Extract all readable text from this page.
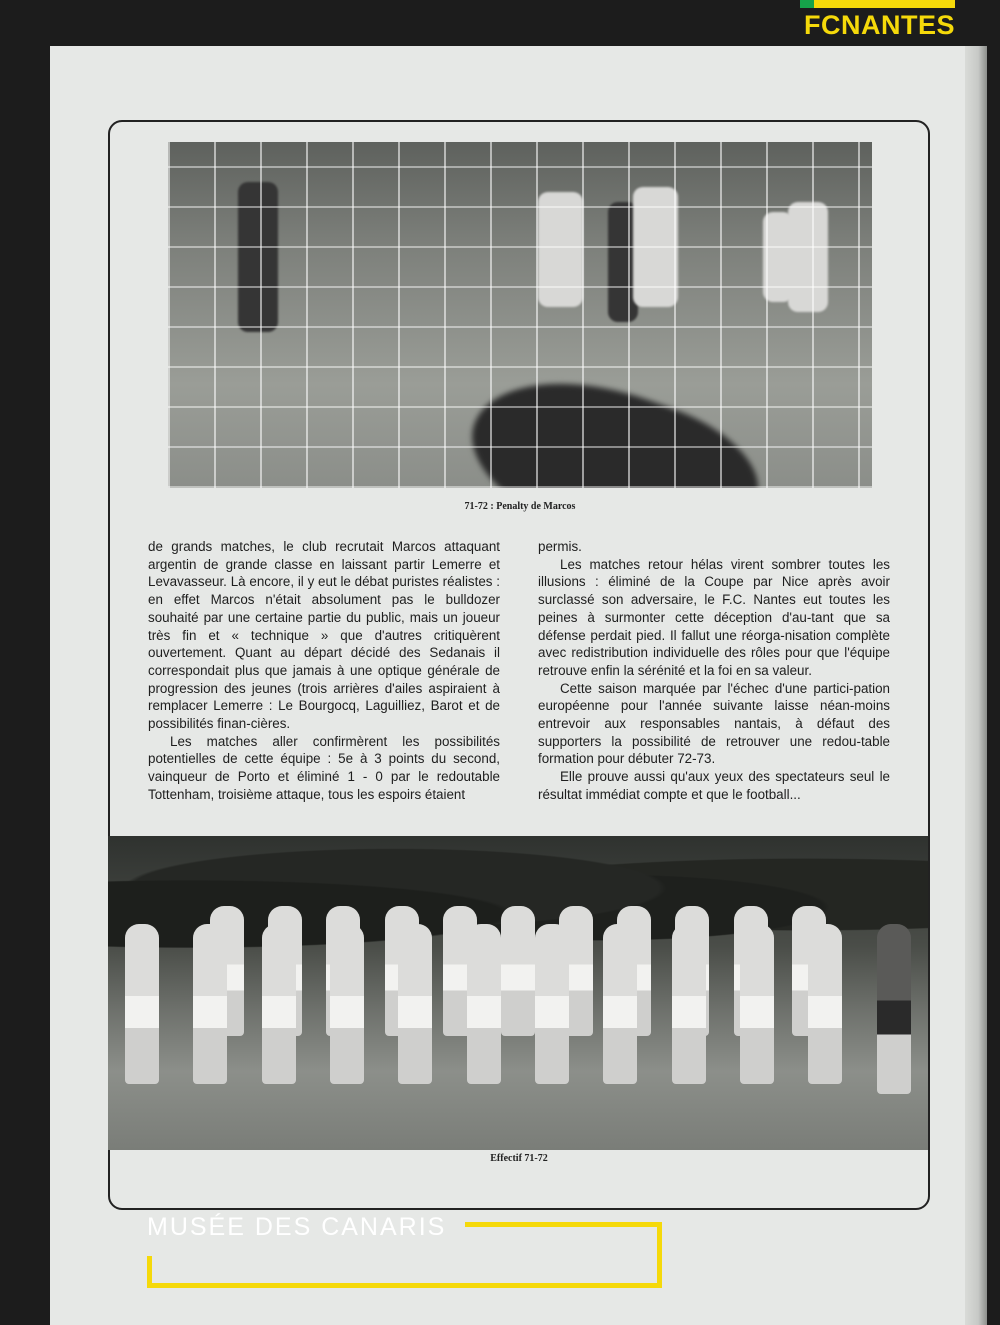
FCNANTES
71-72 : Penalty de Marcos

de grands matches, le club recrutait Marcos attaquant argentin de grande classe en laissant partir Lemerre et Levavasseur. Là encore, il y eut le débat puristes réalistes : en effet Marcos n'était absolument pas le bulldozer souhaité par une certaine partie du public, mais un joueur très fin et « technique » que d'autres critiquèrent ouvertement. Quant au départ décidé des Sedanais il correspondait plus que jamais à une optique générale de progression des jeunes (trois arrières d'ailes aspiraient à remplacer Lemerre : Le Bourgocq, Laguilliez, Barot et de possibilités finan-cières.

Les matches aller confirmèrent les possibilités potentielles de cette équipe : 5e à 3 points du second, vainqueur de Porto et éliminé 1 - 0 par le redoutable Tottenham, troisième attaque, tous les espoirs étaient

permis.

Les matches retour hélas virent sombrer toutes les illusions : éliminé de la Coupe par Nice après avoir surclassé son adversaire, le F.C. Nantes eut toutes les peines à surmonter cette déception d'au-tant que sa défense perdait pied. Il fallut une réorga-nisation complète avec redistribution individuelle des rôles pour que l'équipe retrouve enfin la sérénité et la foi en sa valeur.

Cette saison marquée par l'échec d'une partici-pation européenne pour l'année suivante laisse néan-moins entrevoir aux responsables nantais, à défaut des supporters la possibilité de retrouver une redou-table formation pour débuter 72-73.

Elle prouve aussi qu'aux yeux des spectateurs seul le résultat immédiat compte et que le football...

Effectif 71-72
MUSÉE DES CANARIS
